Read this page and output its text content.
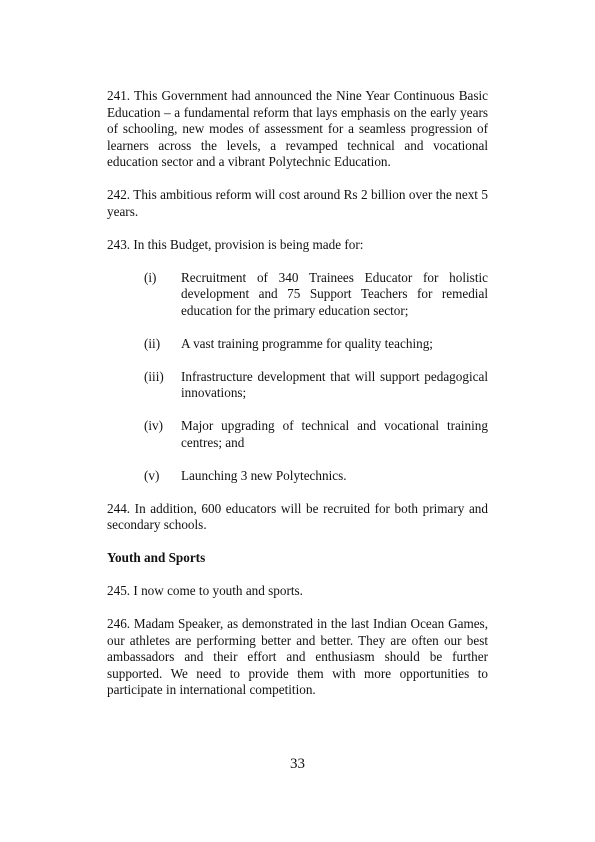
241. This Government had announced the Nine Year Continuous Basic Education – a fundamental reform that lays emphasis on the early years of schooling, new modes of assessment for a seamless progression of learners across the levels, a revamped technical and vocational education sector and a vibrant Polytechnic Education.

242. This ambitious reform will cost around Rs 2 billion over the next 5 years.

243. In this Budget, provision is being made for:

(i)	Recruitment of 340 Trainees Educator for holistic development and 75 Support Teachers for remedial education for the primary education sector;
(ii)	A vast training programme for quality teaching;
(iii)	Infrastructure development that will support pedagogical innovations;
(iv)	Major upgrading of technical and vocational training centres; and
(v)	Launching 3 new Polytechnics.

244. In addition, 600 educators will be recruited for both primary and secondary schools.

Youth and Sports

245. I now come to youth and sports.

246. Madam Speaker, as demonstrated in the last Indian Ocean Games, our athletes are performing better and better. They are often our best ambassadors and their effort and enthusiasm should be further supported. We need to provide them with more opportunities to participate in international competition.

33
